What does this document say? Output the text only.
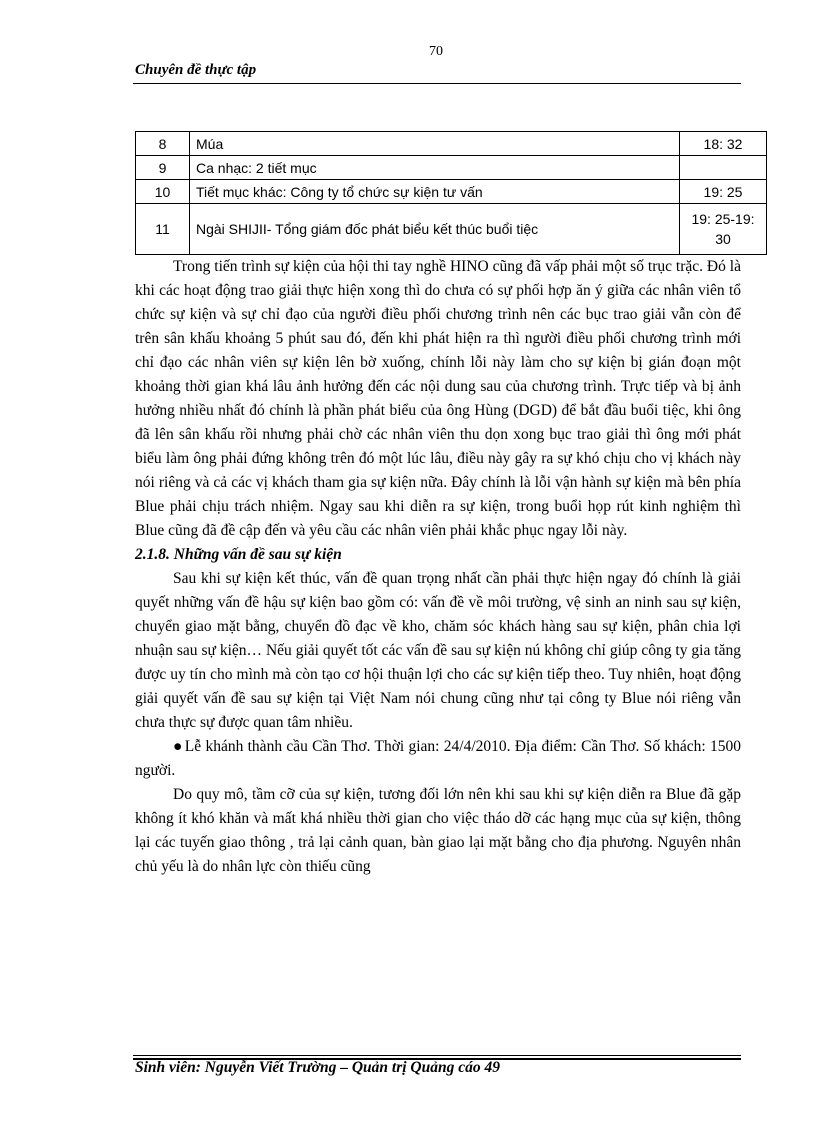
70
Chuyên đề thực tập
8	Múa	18: 32
9	Ca nhạc: 2 tiết mục	
10	Tiết mục khác: Công ty tổ chức sự kiện tư vấn	19: 25
11	Ngài SHIJII- Tổng giám đốc phát biểu kết thúc buổi tiệc	19: 25-19: 30

Trong tiến trình sự kiện của hội thi tay nghề HINO cũng đã vấp phải một số trục trặc. Đó là khi các hoạt động trao giải thực hiện xong thì do chưa có sự phối hợp ăn ý giữa các nhân viên tổ chức sự kiện và sự chỉ đạo của người điều phối chương trình nên các bục trao giải vẫn còn để trên sân khấu khoảng 5 phút sau đó, đến khi phát hiện ra thì người điều phối chương trình mới chỉ đạo các nhân viên sự kiện lên bờ xuống, chính lỗi này làm cho sự kiện bị gián đoạn một khoảng thời gian khá lâu ảnh hưởng đến các nội dung sau của chương trình. Trực tiếp và bị ảnh hưởng nhiều nhất đó chính là phần phát biểu của ông Hùng (DGD) để bắt đầu buổi tiệc, khi ông đã lên sân khấu rồi nhưng phải chờ các nhân viên thu dọn xong bục trao giải thì ông mới phát biểu làm ông phải đứng không trên đó một lúc lâu, điều này gây ra sự khó chịu cho vị khách này nói riêng và cả các vị khách tham gia sự kiện nữa. Đây chính là lỗi vận hành sự kiện mà bên phía Blue phải chịu trách nhiệm. Ngay sau khi diễn ra sự kiện, trong buổi họp rút kinh nghiệm thì Blue cũng đã đề cập đến và yêu cầu các nhân viên phải khắc phục ngay lỗi này.

2.1.8. Những vấn đề sau sự kiện

Sau khi sự kiện kết thúc, vấn đề quan trọng nhất cần phải thực hiện ngay đó chính là giải quyết những vấn đề hậu sự kiện bao gồm có: vấn đề về môi trường, vệ sinh an ninh sau sự kiện, chuyển giao mặt bằng, chuyển đồ đạc về kho, chăm sóc khách hàng sau sự kiện, phân chia lợi nhuận sau sự kiện… Nếu giải quyết tốt các vấn đề sau sự kiện nú không chỉ giúp công ty gia tăng được uy tín cho mình mà còn tạo cơ hội thuận lợi cho các sự kiện tiếp theo. Tuy nhiên, hoạt động giải quyết vấn đề sau sự kiện tại Việt Nam nói chung cũng như tại công ty Blue nói riêng vẫn chưa thực sự được quan tâm nhiều.

● Lễ khánh thành cầu Cần Thơ. Thời gian: 24/4/2010. Địa điểm: Cần Thơ. Số khách: 1500 người.

Do quy mô, tầm cỡ của sự kiện, tương đối lớn nên khi sau khi sự kiện diễn ra Blue đã gặp không ít khó khăn và mất khá nhiều thời gian cho việc tháo dỡ các hạng mục của sự kiện, thông lại các tuyến giao thông , trả lại cảnh quan, bàn giao lại mặt bằng cho địa phương. Nguyên nhân chủ yếu là do nhân lực còn thiếu cũng

Sinh viên: Nguyễn Viết Trường – Quản trị Quảng cáo 49
